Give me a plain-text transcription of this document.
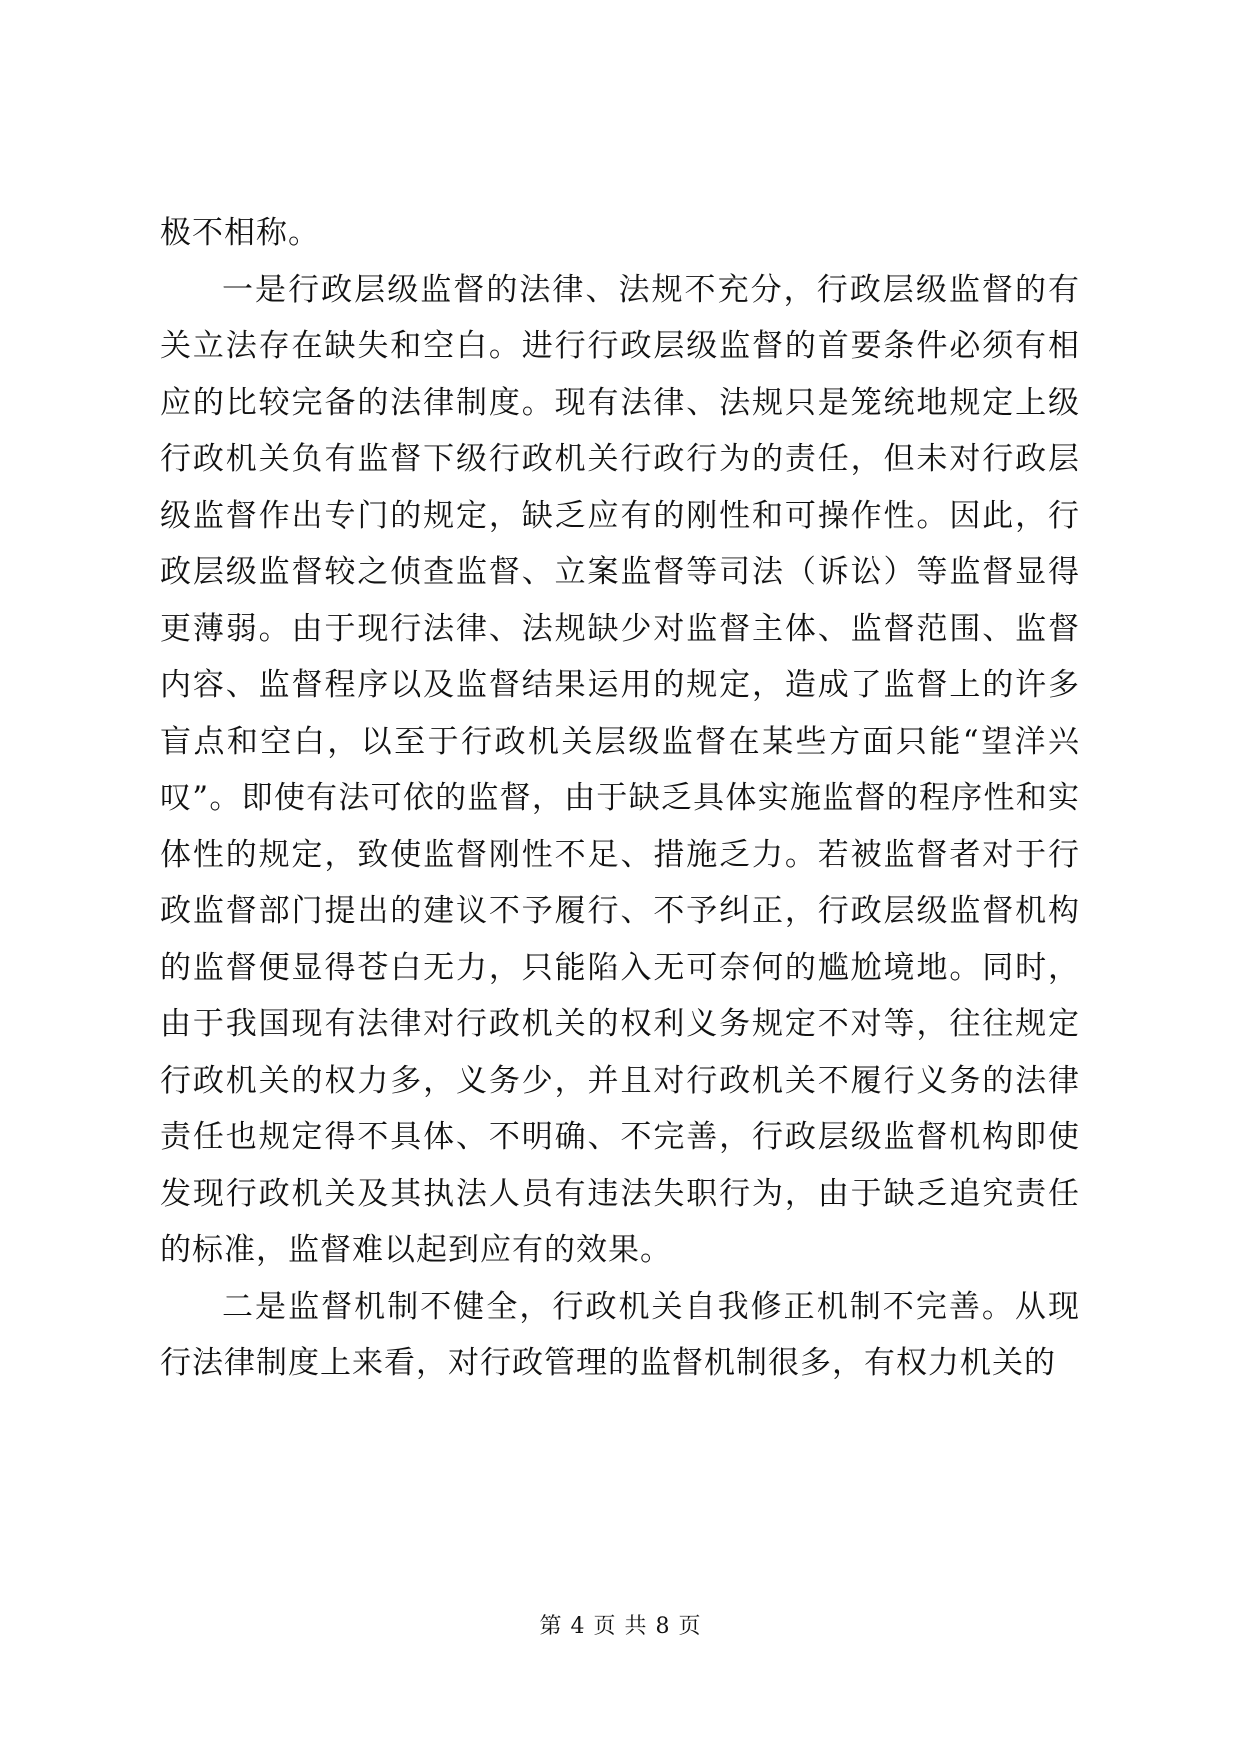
极不相称。

一是行政层级监督的法律、法规不充分，行政层级监督的有关立法存在缺失和空白。进行行政层级监督的首要条件必须有相应的比较完备的法律制度。现有法律、法规只是笼统地规定上级行政机关负有监督下级行政机关行政行为的责任，但未对行政层级监督作出专门的规定，缺乏应有的刚性和可操作性。因此，行政层级监督较之侦查监督、立案监督等司法（诉讼）等监督显得更薄弱。由于现行法律、法规缺少对监督主体、监督范围、监督内容、监督程序以及监督结果运用的规定，造成了监督上的许多盲点和空白，以至于行政机关层级监督在某些方面只能“望洋兴叹”。即使有法可依的监督，由于缺乏具体实施监督的程序性和实体性的规定，致使监督刚性不足、措施乏力。若被监督者对于行政监督部门提出的建议不予履行、不予纠正，行政层级监督机构的监督便显得苍白无力，只能陷入无可奈何的尴尬境地。同时，由于我国现有法律对行政机关的权利义务规定不对等，往往规定行政机关的权力多，义务少，并且对行政机关不履行义务的法律责任也规定得不具体、不明确、不完善，行政层级监督机构即使发现行政机关及其执法人员有违法失职行为，由于缺乏追究责任的标准，监督难以起到应有的效果。

二是监督机制不健全，行政机关自我修正机制不完善。从现行法律制度上来看，对行政管理的监督机制很多，有权力机关的

第 4 页 共 8 页
